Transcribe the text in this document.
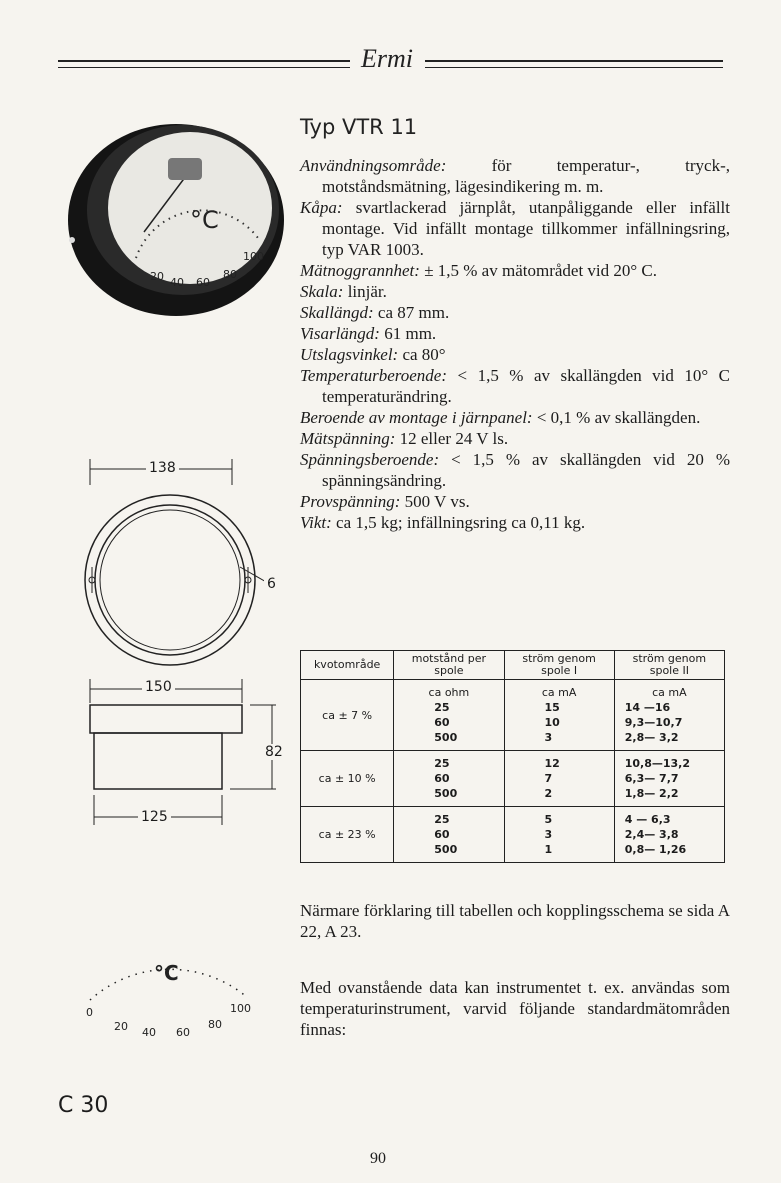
Ermi
°C
20 40 60
80
100
138
6
150
82
125
°C
0
20 40 60
80
100
Typ VTR 11

Användningsområde:	för temperatur-, tryck-, motståndsmätning, lägesindikering m. m.

Kåpa: svartlackerad järnplåt, utanpåliggande eller infällt montage. Vid infällt montage tillkommer infällningsring, typ VAR 1003.

Mätnoggrannhet: ± 1,5 % av mätområdet vid 20° C.

Skala: linjär.

Skallängd: ca 87 mm.

Visarlängd: 61 mm.

Utslagsvinkel: ca 80°

Temperaturberoende: < 1,5 % av skallängden vid 10° C temperaturändring.

Beroende av montage i järnpanel: < 0,1 % av skallängden.

Mätspänning: 12 eller 24 V ls.

Spänningsberoende: < 1,5 % av skallängden vid 20 % spänningsändring.

Provspänning: 500 V vs.

Vikt: ca 1,5 kg; infällningsring ca 0,11 kg.

kvotområde	motstånd per spole	ström genom spole I	ström genom spole II
ca ± 7 %	ca ohm	ca mA	ca mA
	25	15	14 —16
	60	10	9,3—10,7
	500	3	2,8— 3,2
ca ± 10 %	25	12	10,8—13,2
	60	7	6,3— 7,7
	500	2	1,8— 2,2
ca ± 23 %	25	5	4 — 6,3
	60	3	2,4— 3,8
	500	1	0,8— 1,26
Närmare förklaring till tabellen och kopplingsschema se sida A 22, A 23.
Med ovanstående data kan instrumentet t. ex. användas som temperaturinstrument, varvid följande standardmätområden finnas:
C 30
90
